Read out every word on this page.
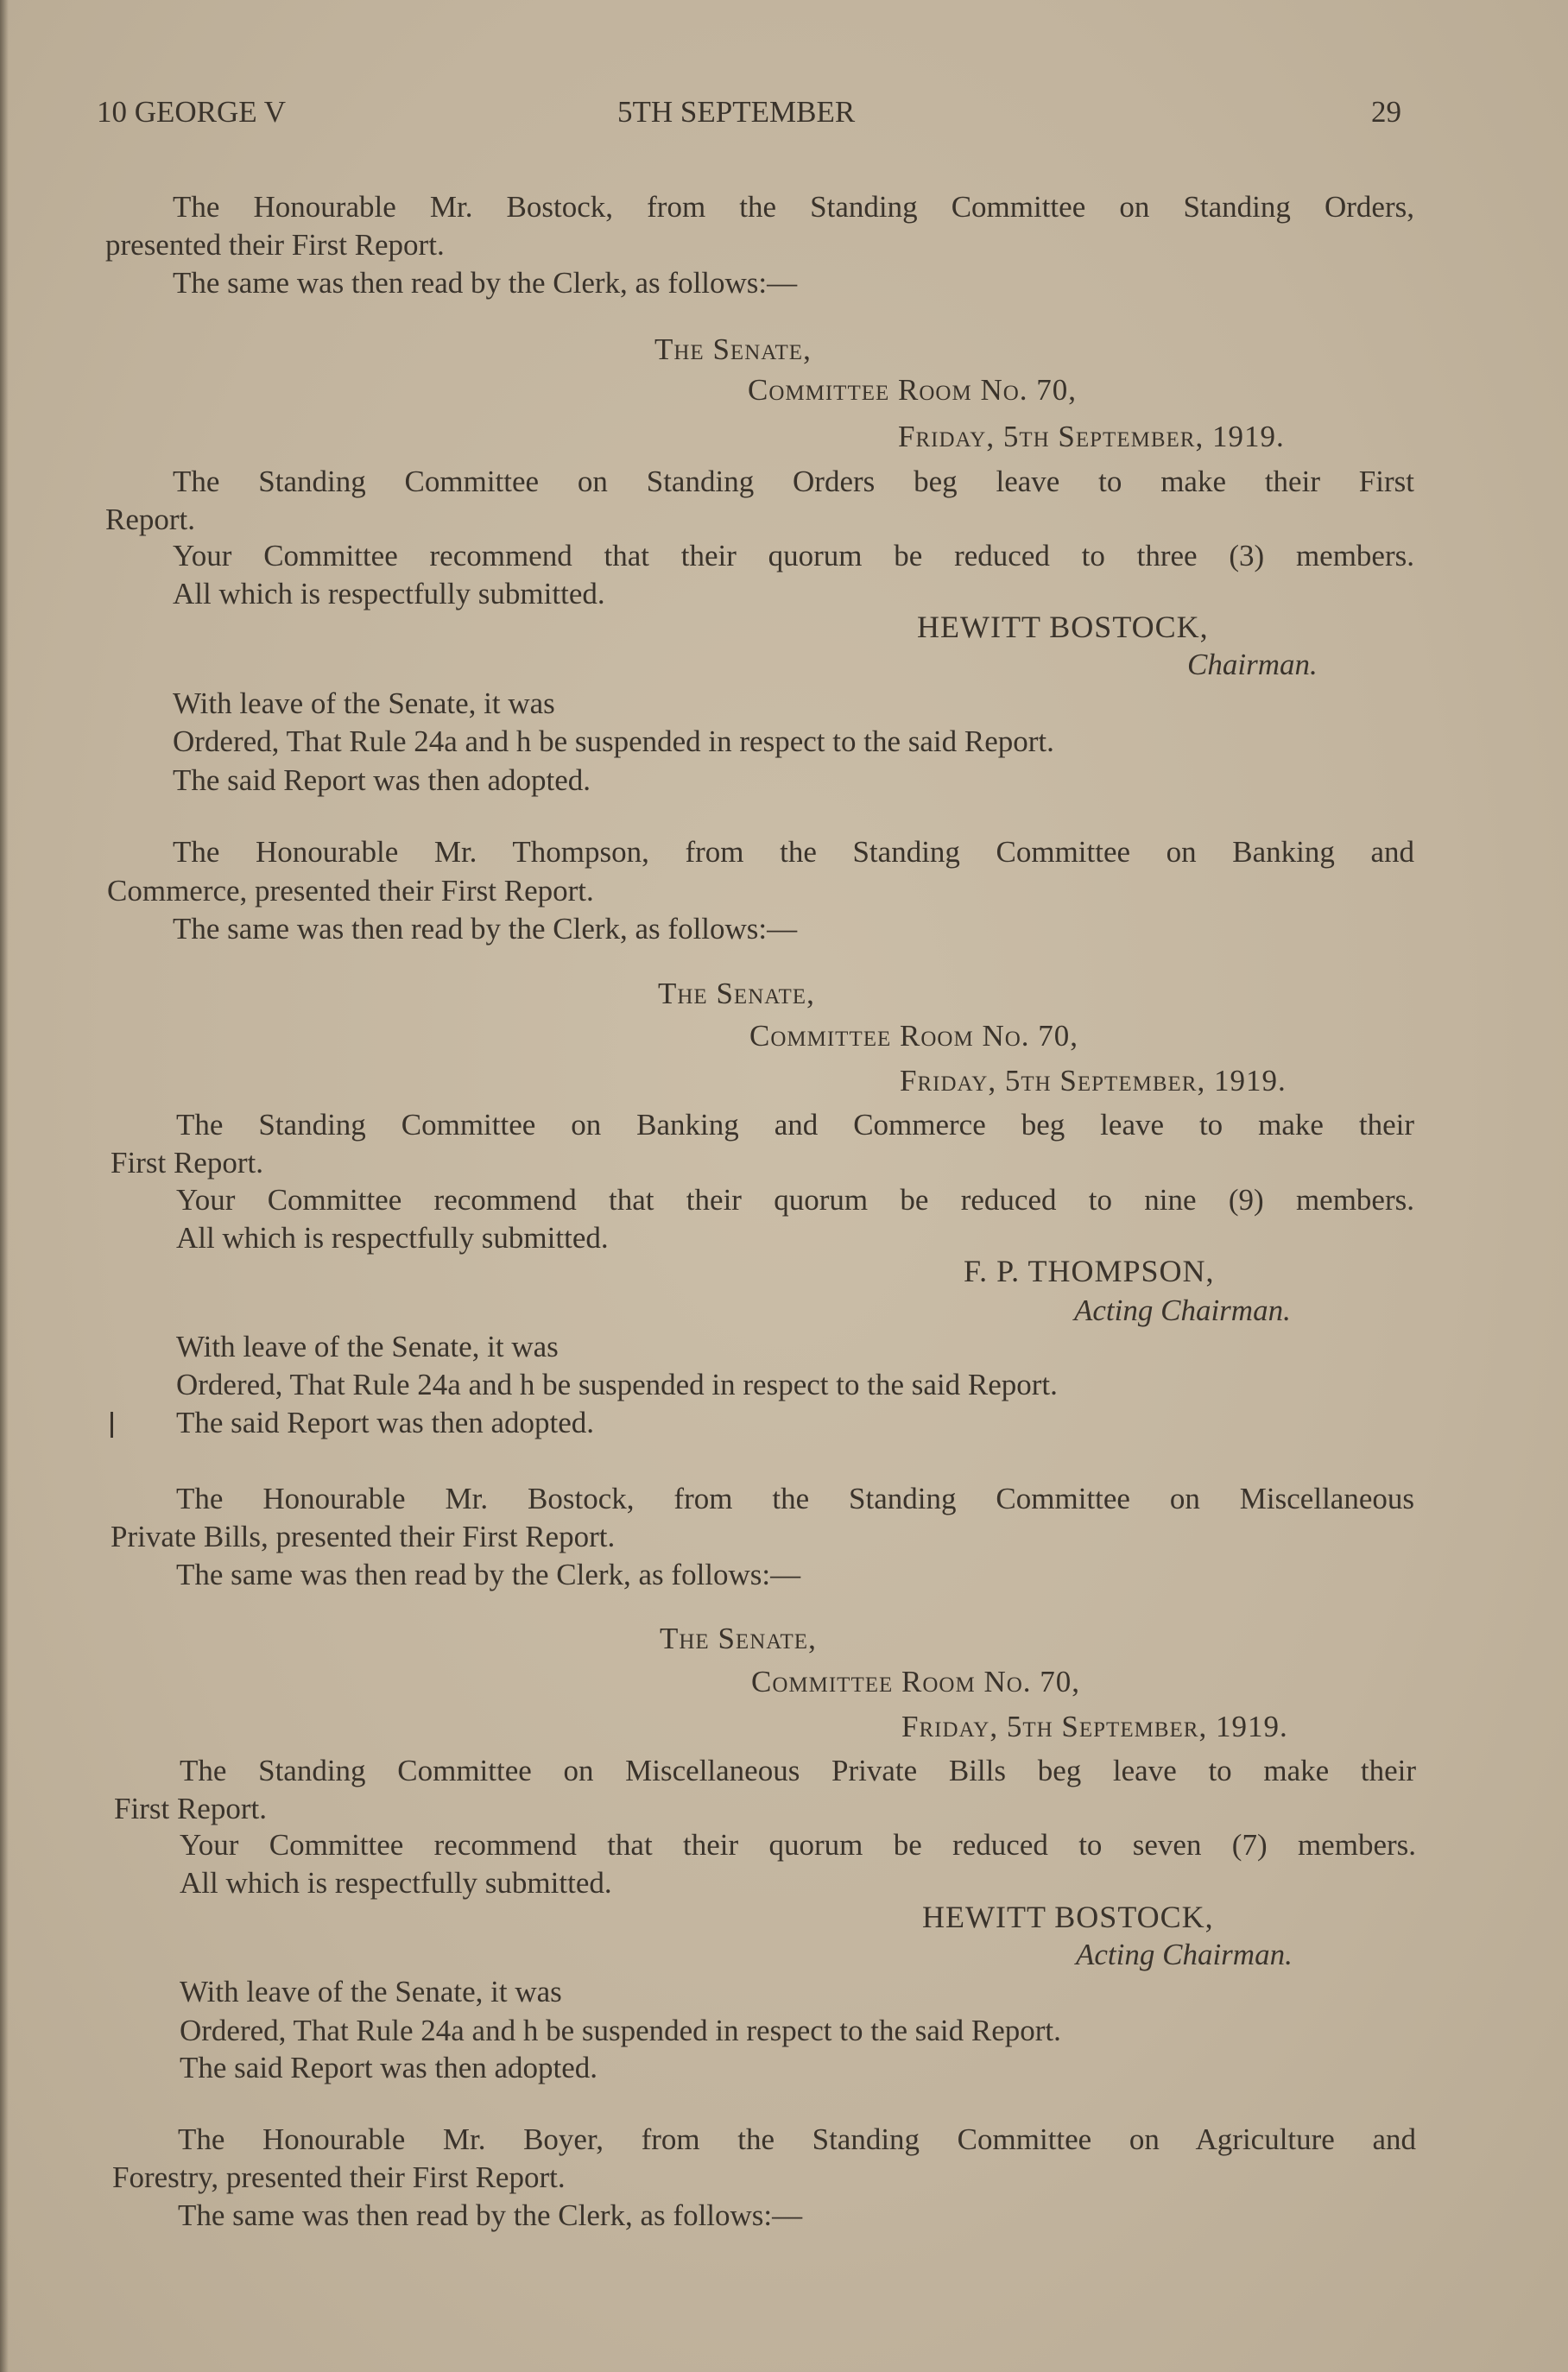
10 GEORGE V	5TH SEPTEMBER	29
The Honourable Mr. Bostock, from the Standing Committee on Standing Orders,
presented their First Report.
The same was then read by the Clerk, as follows:—
The Senate,
Committee Room No. 70,
Friday, 5th September, 1919.
The Standing Committee on Standing Orders beg leave to make their First
Report.
Your Committee recommend that their quorum be reduced to three (3) members.
All which is respectfully submitted.
HEWITT BOSTOCK,
Chairman.
With leave of the Senate, it was
Ordered, That Rule 24a and h be suspended in respect to the said Report.
The said Report was then adopted.
The Honourable Mr. Thompson, from the Standing Committee on Banking and
Commerce, presented their First Report.
The same was then read by the Clerk, as follows:—
The Senate,
Committee Room No. 70,
Friday, 5th September, 1919.
The Standing Committee on Banking and Commerce beg leave to make their
First Report.
Your Committee recommend that their quorum be reduced to nine (9) members.
All which is respectfully submitted.
F. P. THOMPSON,
Acting Chairman.
With leave of the Senate, it was
Ordered, That Rule 24a and h be suspended in respect to the said Report.
The said Report was then adopted.
The Honourable Mr. Bostock, from the Standing Committee on Miscellaneous
Private Bills, presented their First Report.
The same was then read by the Clerk, as follows:—
The Senate,
Committee Room No. 70,
Friday, 5th September, 1919.
The Standing Committee on Miscellaneous Private Bills beg leave to make their
First Report.
Your Committee recommend that their quorum be reduced to seven (7) members.
All which is respectfully submitted.
HEWITT BOSTOCK,
Acting Chairman.
With leave of the Senate, it was
Ordered, That Rule 24a and h be suspended in respect to the said Report.
The said Report was then adopted.
The Honourable Mr. Boyer, from the Standing Committee on Agriculture and
Forestry, presented their First Report.
The same was then read by the Clerk, as follows:—
